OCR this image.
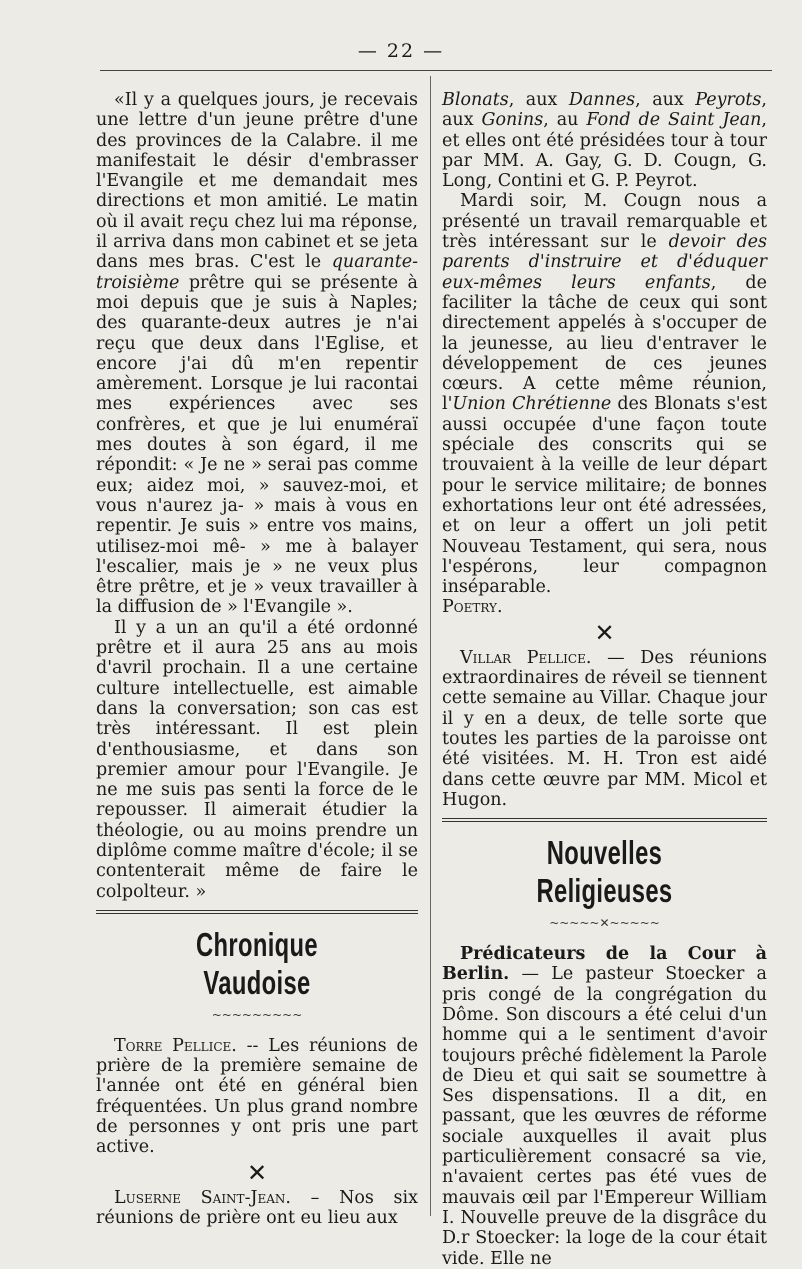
— 22 —

«Il y a quelques jours, je recevais une lettre d'un jeune prêtre d'une des provinces de la Calabre. il me manifestait le désir d'embrasser l'Evangile et me demandait mes directions et mon amitié. Le matin où il avait reçu chez lui ma réponse, il arriva dans mon cabinet et se jeta dans mes bras. C'est le quarante-troisième prêtre qui se présente à moi depuis que je suis à Naples; des quarante-deux autres je n'ai reçu que deux dans l'Eglise, et encore j'ai dû m'en repentir amèrement. Lorsque je lui racontai mes expériences avec ses confrères, et que je lui enuméraï mes doutes à son égard, il me répondit: « Je ne » serai pas comme eux; aidez moi, » sauvez-moi, et vous n'aurez ja- » mais à vous en repentir. Je suis » entre vos mains, utilisez-moi mê- » me à balayer l'escalier, mais je » ne veux plus être prêtre, et je » veux travailler à la diffusion de » l'Evangile ».

Il y a un an qu'il a été ordonné prêtre et il aura 25 ans au mois d'avril prochain. Il a une certaine culture intellectuelle, est aimable dans la conversation; son cas est très intéressant. Il est plein d'enthousiasme, et dans son premier amour pour l'Evangile. Je ne me suis pas senti la force de le repousser. Il aimerait étudier la théologie, ou au moins prendre un diplôme comme maître d'école; il se contenterait même de faire le colpolteur. »

Chronique Vaudoise
~~~~~~~~~

Torre Pellice. -- Les réunions de prière de la première semaine de l'année ont été en général bien fréquentées. Un plus grand nombre de personnes y ont pris une part active.

✕

Luserne Saint-Jean. – Nos six réunions de prière ont eu lieu aux

Blonats, aux Dannes, aux Peyrots, aux Gonins, au Fond de Saint Jean, et elles ont été présidées tour à tour par MM. A. Gay, G. D. Cougn, G. Long, Contini et G. P. Peyrot.

Mardi soir, M. Cougn nous a présenté un travail remarquable et très intéressant sur le devoir des parents d'instruire et d'éduquer eux-mêmes leurs enfants, de faciliter la tâche de ceux qui sont directement appelés à s'occuper de la jeunesse, au lieu d'entraver le développement de ces jeunes cœurs. A cette même réunion, l'Union Chrétienne des Blonats s'est aussi occupée d'une façon toute spéciale des conscrits qui se trouvaient à la veille de leur départ pour le service militaire; de bonnes exhortations leur ont été adressées, et on leur a offert un joli petit Nouveau Testament, qui sera, nous l'espérons, leur compagnon inséparable.

Poetry.

✕

Villar Pellice. — Des réunions extraordinaires de réveil se tiennent cette semaine au Villar. Chaque jour il y en a deux, de telle sorte que toutes les parties de la paroisse ont été visitées. M. H. Tron est aidé dans cette œuvre par MM. Micol et Hugon.

Nouvelles Religieuses
~~~~~✕~~~~~

Prédicateurs de la Cour à Berlin. — Le pasteur Stoecker a pris congé de la congrégation du Dôme. Son discours a été celui d'un homme qui a le sentiment d'avoir toujours prêché fidèlement la Parole de Dieu et qui sait se soumettre à Ses dispensations. Il a dit, en passant, que les œuvres de réforme sociale auxquelles il avait plus particulièrement consacré sa vie, n'avaient certes pas été vues de mauvais œil par l'Empereur William I. Nouvelle preuve de la disgrâce du D.r Stoecker: la loge de la cour était vide. Elle ne
